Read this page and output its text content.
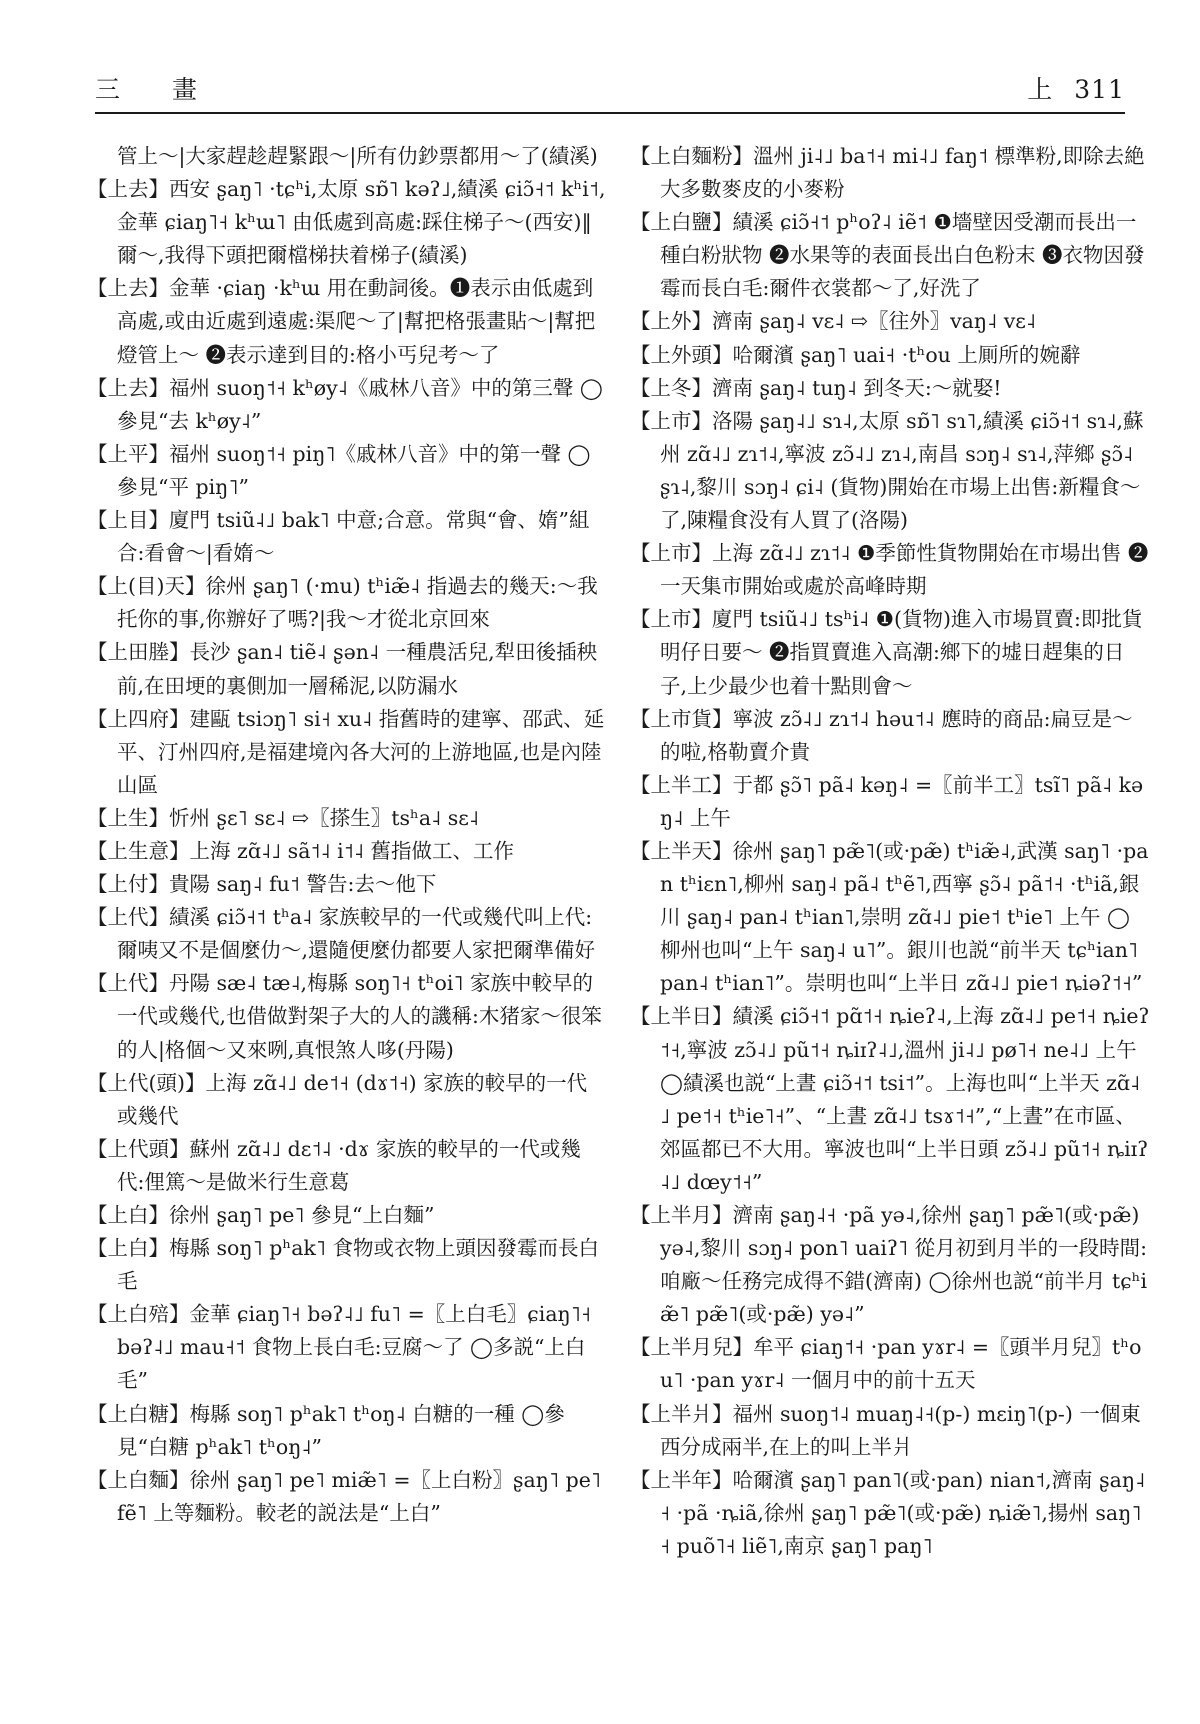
三 畫	上 311

管上～|大家趕趁趕緊跟～|所有仂鈔票都用～了(績溪)

【上去】西安 ʂaŋ˥ ·tɕʰi,太原 sɒ̃˥ kəʔ˩,績溪 ɕiɔ̃˧˦ kʰi˦,金華 ɕiaŋ˥˧ kʰɯ˥ 由低處到高處:踩住梯子～(西安)‖爾～,我得下頭把爾檔梯扶着梯子(績溪)

【上去】金華 ·ɕiaŋ ·kʰɯ 用在動詞後。❶表示由低處到高處,或由近處到遠處:渠爬～了|幫把格張畫貼～|幫把燈管上～ ❷表示達到目的:格小丐兒考～了

【上去】福州 suoŋ˦˧ kʰøy˨《戚林八音》中的第三聲 ◯參見“去 kʰøy˨”

【上平】福州 suoŋ˦˧ piŋ˥《戚林八音》中的第一聲 ◯參見“平 piŋ˥”

【上目】廈門 tsiũ˨˩ bak˥ 中意;合意。常與“會、媠”組合:看會～|看媠～

【上(目)天】徐州 ʂaŋ˥ (·mu) tʰiæ̃˨ 指過去的幾天:～我托你的事,你辦好了嗎?|我～才從北京回來

【上田塍】長沙 ʂan˨ tiẽ˨ ʂən˨ 一種農活兒,犁田後插秧前,在田埂的裏側加一層稀泥,以防漏水

【上四府】建甌 tsiɔŋ˥ si˧ xu˨ 指舊時的建寧、邵武、延平、汀州四府,是福建境內各大河的上游地區,也是內陸山區

【上生】忻州 ʂɛ˥ sɛ˨ ⇨〖搽生〗tsʰa˨ sɛ˨

【上生意】上海 zɑ̃˨˩ sã˦˨ i˦˨ 舊指做工、工作

【上付】貴陽 saŋ˨ fu˦ 警告:去～他下

【上代】績溪 ɕiɔ̃˧˦ tʰa˨ 家族較早的一代或幾代叫上代:爾咦又不是個麼仂～,還隨便麼仂都要人家把爾準備好

【上代】丹陽 sæ˨ tæ˨,梅縣 soŋ˥˧ tʰoi˥ 家族中較早的一代或幾代,也借做對架子大的人的譏稱:木猪家～很笨的人|格個～又來咧,真恨煞人哆(丹陽)

【上代(頭)】上海 zɑ̃˨˩ de˦˧ (dɤ˦˧) 家族的較早的一代或幾代

【上代頭】蘇州 zɑ̃˨˩ dɛ˦˨ ·dɤ 家族的較早的一代或幾代:俚篤～是做米行生意葛

【上白】徐州 ʂaŋ˥ pe˥ 參見“上白麵”

【上白】梅縣 soŋ˥ pʰak˥ 食物或衣物上頭因發霉而長白毛

【上白殕】金華 ɕiaŋ˥˧ bəʔ˨˩ fu˥ =〖上白毛〗ɕiaŋ˥˧ bəʔ˨˩ mau˧˦ 食物上長白毛:豆腐～了 ◯多説“上白毛”

【上白糖】梅縣 soŋ˥ pʰak˥ tʰoŋ˨ 白糖的一種 ◯參見“白糖 pʰak˥ tʰoŋ˨”

【上白麵】徐州 ʂaŋ˥ pe˥ miæ̃˥ =〖上白粉〗ʂaŋ˥ pe˥ fẽ˥ 上等麵粉。較老的説法是“上白”

【上白麵粉】溫州 ji˨˩ ba˦˧ mi˨˩ faŋ˦ 標準粉,即除去絶大多數麥皮的小麥粉

【上白鹽】績溪 ɕiɔ̃˧˦ pʰoʔ˨ iẽ˦ ❶墻壁因受潮而長出一種白粉狀物 ❷水果等的表面長出白色粉末 ❸衣物因發霉而長白毛:爾件衣裳都～了,好洗了

【上外】濟南 ʂaŋ˨ vɛ˨ ⇨〖往外〗vaŋ˨ vɛ˨

【上外頭】哈爾濱 ʂaŋ˥ uai˧ ·tʰou 上厠所的婉辭

【上冬】濟南 ʂaŋ˨ tuŋ˨ 到冬天:～就娶!

【上市】洛陽 ʂaŋ˨˩ sɿ˨,太原 sɒ̃˥ sɿ˥,績溪 ɕiɔ̃˧˦ sɿ˨,蘇州 zɑ̃˨˩ zɿ˦˨,寧波 zɔ̃˨˩ zɿ˨,南昌 sɔŋ˨ sɿ˨,萍鄉 ʂɔ̃˨ ʂɿ˨,黎川 sɔŋ˨ ɕi˨ (貨物)開始在市場上出售:新糧食～了,陳糧食没有人買了(洛陽)

【上市】上海 zɑ̃˨˩ zɿ˦˨ ❶季節性貨物開始在市場出售 ❷一天集市開始或處於高峰時期

【上市】廈門 tsiũ˨˩ tsʰi˨ ❶(貨物)進入市場買賣:即批貨明仔日要～ ❷指買賣進入高潮:鄉下的墟日趕集的日子,上少最少也着十點則會～

【上市貨】寧波 zɔ̃˨˩ zɿ˦˨ həu˦˨ 應時的商品:扁豆是～的啦,格勒賣介貴

【上半工】于都 ʂɔ̃˥ pã˨ kəŋ˨ =〖前半工〗tsĩ˥ pã˨ kəŋ˨ 上午

【上半天】徐州 ʂaŋ˥ pæ̃˥(或·pæ̃) tʰiæ̃˨,武漢 saŋ˥ ·pan tʰiɛn˥,柳州 saŋ˨ pã˨ tʰẽ˥,西寧 ʂɔ̃˨ pã˦˧ ·tʰiã,銀川 ʂaŋ˨ pan˨ tʰian˥,崇明 zɑ̃˨˩ pie˦ tʰie˥ 上午 ◯柳州也叫“上午 saŋ˨ u˥”。銀川也説“前半天 tɕʰian˥ pan˨ tʰian˥”。崇明也叫“上半日 zɑ̃˨˩ pie˦ ȵiəʔ˦˧”

【上半日】績溪 ɕiɔ̃˧˦ pɑ̃˦˧ ȵieʔ˨,上海 zɑ̃˨˩ pe˦˧ ȵieʔ˦˧,寧波 zɔ̃˨˩ pũ˦˧ ȵiɪʔ˨˩,溫州 ji˨˩ pø˥˧ ne˨˩ 上午 ◯績溪也説“上晝 ɕiɔ̃˧˦ tsi˦”。上海也叫“上半天 zɑ̃˨˩ pe˦˧ tʰie˥˧”、“上晝 zɑ̃˨˩ tsɤ˦˧”,“上晝”在市區、郊區都已不大用。寧波也叫“上半日頭 zɔ̃˨˩ pũ˦˧ ȵiɪʔ˨˩ dœy˦˧”

【上半月】濟南 ʂaŋ˨˧ ·pã yə˨,徐州 ʂaŋ˥ pæ̃˥(或·pæ̃) yə˨,黎川 sɔŋ˨ pon˥ uaiʔ˥ 從月初到月半的一段時間:咱廠～任務完成得不錯(濟南) ◯徐州也説“前半月 tɕʰiæ̃˥ pæ̃˥(或·pæ̃) yə˨”

【上半月兒】牟平 ɕiaŋ˦˧ ·pan yɤr˨ =〖頭半月兒〗tʰou˥ ·pan yɤr˨ 一個月中的前十五天

【上半爿】福州 suoŋ˦˨ muaŋ˨˧(p-) mɛiŋ˥(p-) 一個東西分成兩半,在上的叫上半爿

【上半年】哈爾濱 ʂaŋ˥ pan˥(或·pan) nian˦,濟南 ʂaŋ˨˧ ·pã ·ȵiã,徐州 ʂaŋ˥ pæ̃˥(或·pæ̃) ȵiæ̃˥,揚州 saŋ˥˧ puõ˥˧ liẽ˥,南京 ʂaŋ˥ paŋ˥
